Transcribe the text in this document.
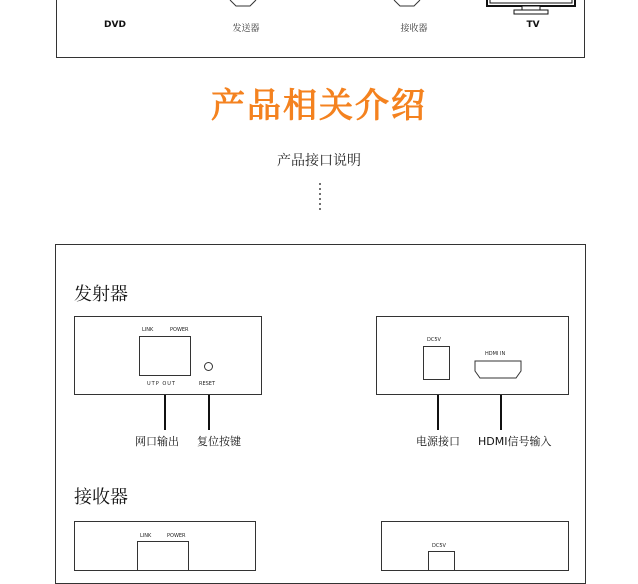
DVD	发送器	接收器	TV
产品相关介绍
产品接口说明
发射器
LINK	POWER
UTP OUT	RESET
网口输出 复位按键
DC5V
HDMI IN
电源接口 HDMI信号输入
接收器
LINK	POWER
DC5V
